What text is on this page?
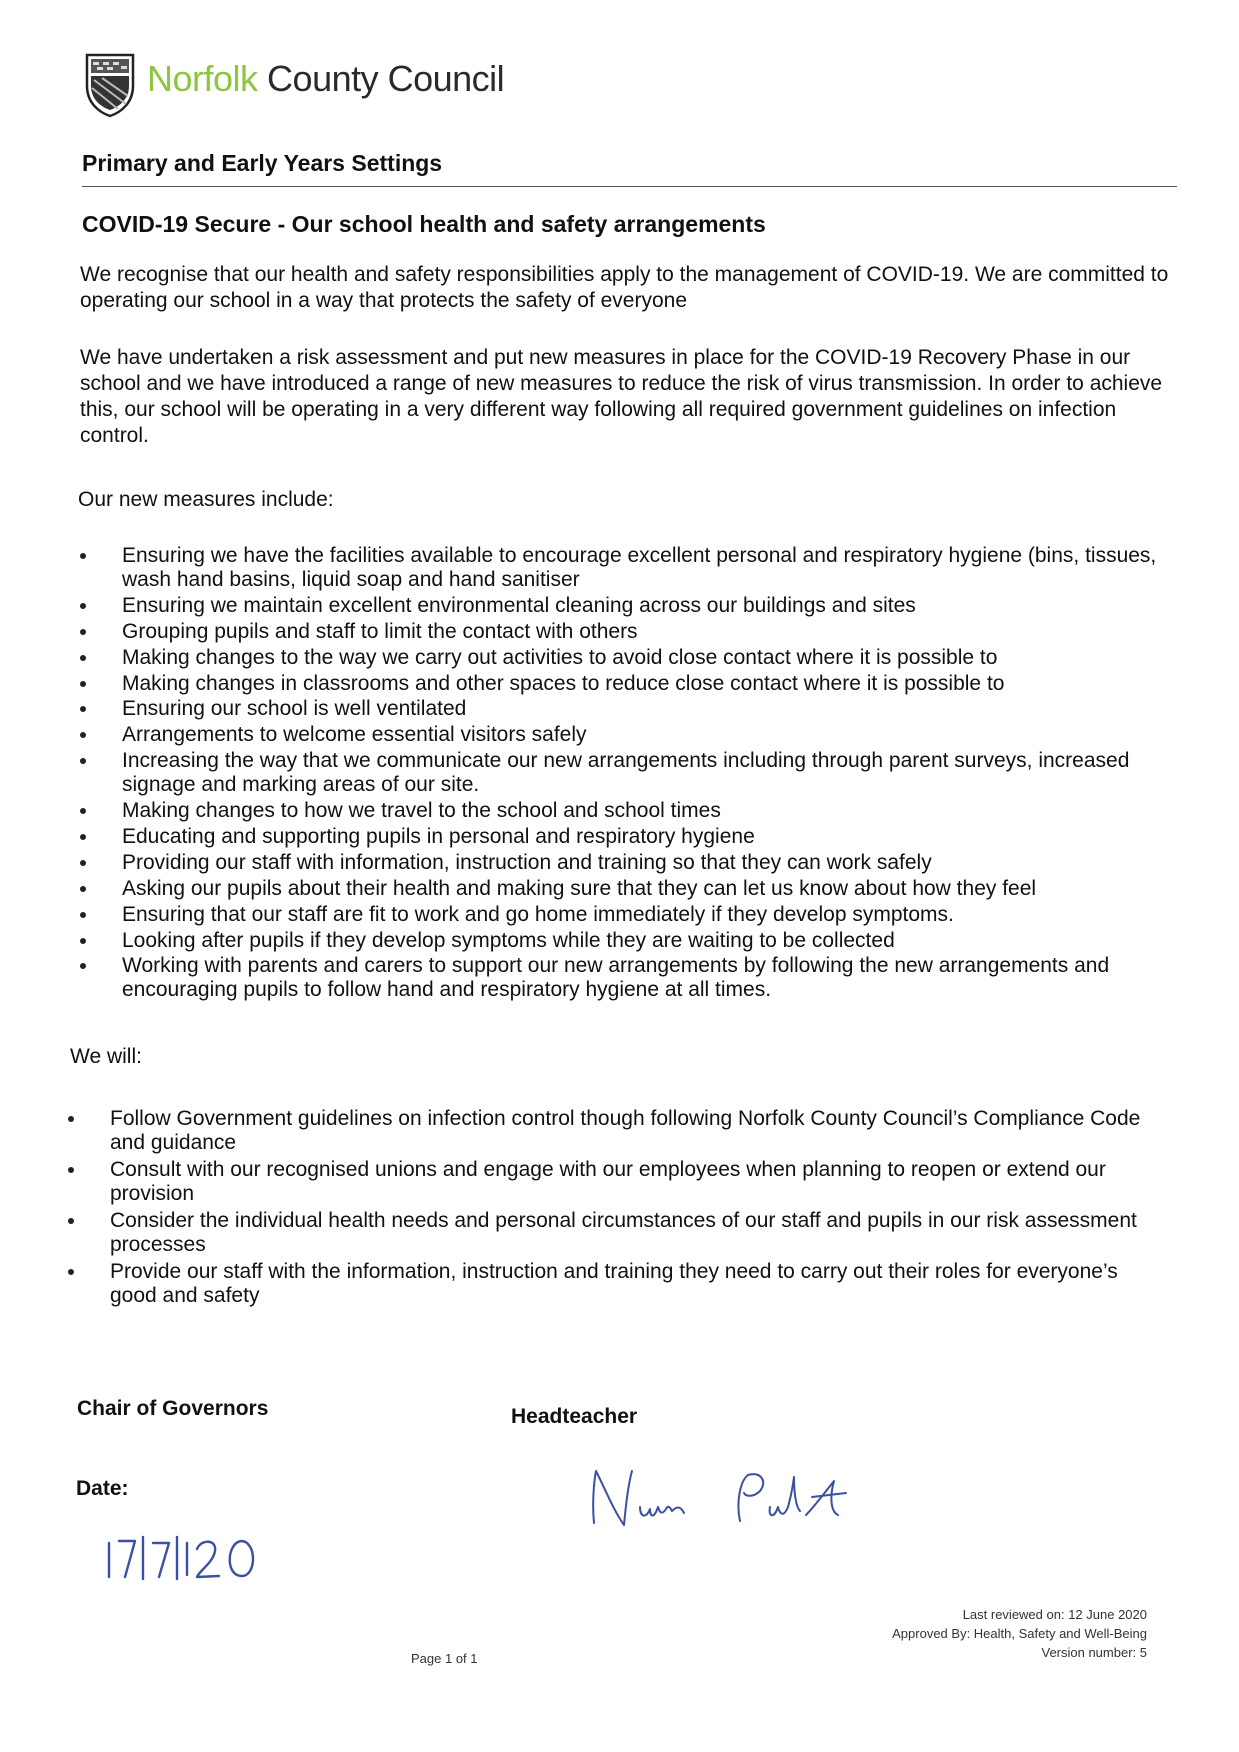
Norfolk County Council
Primary and Early Years Settings
COVID-19 Secure - Our school health and safety arrangements
We recognise that our health and safety responsibilities apply to the management of COVID-19. We are committed to operating our school in a way that protects the safety of everyone
We have undertaken a risk assessment and put new measures in place for the COVID-19 Recovery Phase in our school and we have introduced a range of new measures to reduce the risk of virus transmission. In order to achieve this, our school will be operating in a very different way following all required government guidelines on infection control.
Our new measures include:
Ensuring we have the facilities available to encourage excellent personal and respiratory hygiene (bins, tissues, wash hand basins, liquid soap and hand sanitiser
Ensuring we maintain excellent environmental cleaning across our buildings and sites
Grouping pupils and staff to limit the contact with others
Making changes to the way we carry out activities to avoid close contact where it is possible to
Making changes in classrooms and other spaces to reduce close contact where it is possible to
Ensuring our school is well ventilated
Arrangements to welcome essential visitors safely
Increasing the way that we communicate our new arrangements including through parent surveys, increased signage and marking areas of our site.
Making changes to how we travel to the school and school times
Educating and supporting pupils in personal and respiratory hygiene
Providing our staff with information, instruction and training so that they can work safely
Asking our pupils about their health and making sure that they can let us know about how they feel
Ensuring that our staff are fit to work and go home immediately if they develop symptoms.
Looking after pupils if they develop symptoms while they are waiting to be collected
Working with parents and carers to support our new arrangements by following the new arrangements and encouraging pupils to follow hand and respiratory hygiene at all times.
We will:
Follow Government guidelines on infection control though following Norfolk County Council’s Compliance Code and guidance
Consult with our recognised unions and engage with our employees when planning to reopen or extend our provision
Consider the individual health needs and personal circumstances of our staff and pupils in our risk assessment processes
Provide our staff with the information, instruction and training they need to carry out their roles for everyone’s good and safety
Chair of Governors	Headteacher
Date:
Page 1 of 1
Last reviewed on: 12 June 2020
Approved By: Health, Safety and Well-Being
Version number: 5
